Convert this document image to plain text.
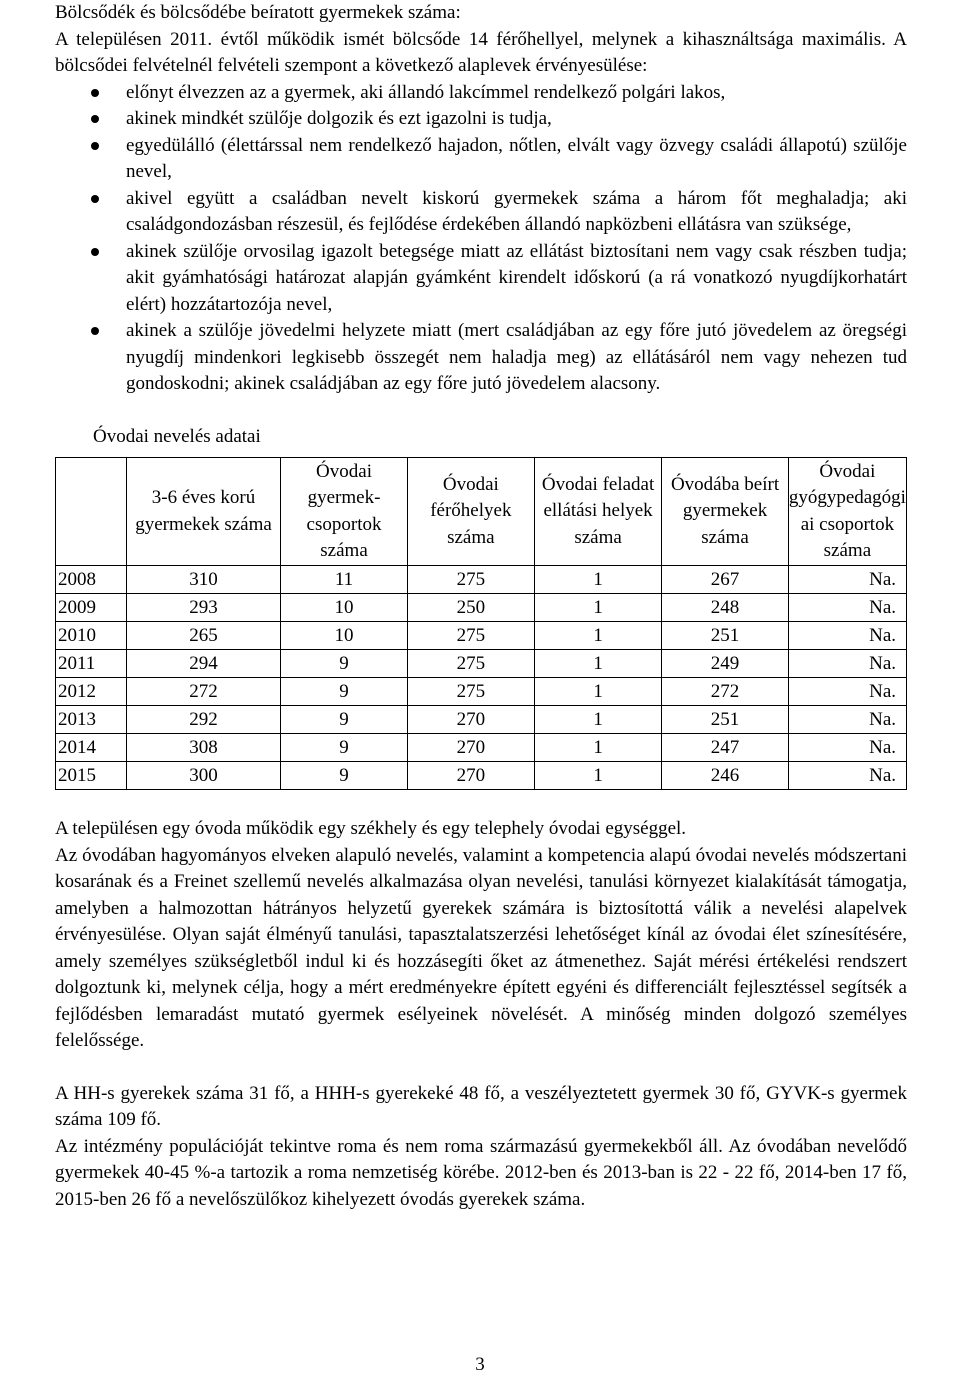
Bölcsődék és bölcsődébe beíratott gyermekek száma:

A településen 2011. évtől működik ismét bölcsőde 14 férőhellyel, melynek a kihasználtsága maximális. A bölcsődei felvételnél felvételi szempont a következő alaplevek érvényesülése:

előnyt élvezzen az a gyermek, aki állandó lakcímmel rendelkező polgári lakos,
akinek mindkét szülője dolgozik és ezt igazolni is tudja,
egyedülálló (élettárssal nem rendelkező hajadon, nőtlen, elvált vagy özvegy családi állapotú) szülője nevel,
akivel együtt a családban nevelt kiskorú gyermekek száma a három főt meghaladja; aki családgondozásban részesül, és fejlődése érdekében állandó napközbeni ellátásra van szüksége,
akinek szülője orvosilag igazolt betegsége miatt az ellátást biztosítani nem vagy csak részben tudja; akit gyámhatósági határozat alapján gyámként kirendelt időskorú (a rá vonatkozó nyugdíjkorhatárt elért) hozzátartozója nevel,
akinek a szülője jövedelmi helyzete miatt (mert családjában az egy főre jutó jövedelem az öregségi nyugdíj mindenkori legkisebb összegét nem haladja meg) az ellátásáról nem vagy nehezen tud gondoskodni; akinek családjában az egy főre jutó jövedelem alacsony.

Óvodai nevelés adatai

	3-6 éves korú gyermekek száma	Óvodai gyermek-csoportok száma	Óvodai férőhelyek száma	Óvodai feladat ellátási helyek száma	Óvodába beírt gyermekek száma	Óvodai gyógypedagógi ai csoportok száma
2008	310	11	275	1	267	Na.
2009	293	10	250	1	248	Na.
2010	265	10	275	1	251	Na.
2011	294	9	275	1	249	Na.
2012	272	9	275	1	272	Na.
2013	292	9	270	1	251	Na.
2014	308	9	270	1	247	Na.
2015	300	9	270	1	246	Na.

A településen egy óvoda működik egy székhely és egy telephely óvodai egységgel.

Az óvodában hagyományos elveken alapuló nevelés, valamint a kompetencia alapú óvodai nevelés módszertani kosarának és a Freinet szellemű nevelés alkalmazása olyan nevelési, tanulási környezet kialakítását támogatja, amelyben a halmozottan hátrányos helyzetű gyerekek számára is biztosítottá válik a nevelési alapelvek érvényesülése. Olyan saját élményű tanulási, tapasztalatszerzési lehetőséget kínál az óvodai élet színesítésére, amely személyes szükségletből indul ki és hozzásegíti őket az átmenethez. Saját mérési értékelési rendszert dolgoztunk ki, melynek célja, hogy a mért eredményekre épített egyéni és differenciált fejlesztéssel segítsék a fejlődésben lemaradást mutató gyermek esélyeinek növelését. A minőség minden dolgozó személyes felelőssége.

A HH-s gyerekek száma 31 fő, a HHH-s gyerekeké 48 fő, a veszélyeztetett gyermek 30 fő, GYVK-s gyermek száma 109 fő.

Az intézmény populációját tekintve roma és nem roma származású gyermekekből áll. Az óvodában nevelődő gyermekek 40-45 %-a tartozik a roma nemzetiség körébe. 2012-ben és 2013-ban is 22 - 22 fő, 2014-ben 17 fő, 2015-ben 26 fő a nevelőszülőkoz kihelyezett óvodás gyerekek száma.

3
